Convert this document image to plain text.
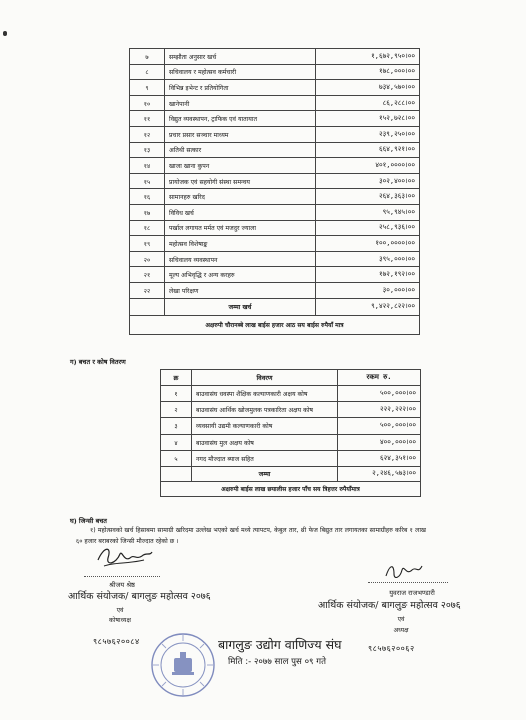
७	सम्झौता अनुसार खर्च	१,६७२,९५०।००
८	सचिवालय र महोत्सव कर्मचारी	१७८,०००।००
९	विभिन्न इभेन्ट र प्रतियोगिता	७३४,५७०।००
१०	खानेपानी	८६,२८८।००
११	विद्युत व्यवस्थापन, ट्राफिक एवं यातायात	१५२,७२८।००
१२	प्रचार प्रसार सञ्चार माध्यम	२३९,२५०।००
१३	अतिथी सत्कार	६६४,९२१।००
१४	खाजा खाना कुपन	४०१,००००।००
१५	प्रायोजक एवं सहयोगी संस्था समन्वय	३०२,४००।००
१६	सामानहरु खरिद	२६४,३६३।००
१७	विविध खर्च	९५,९४५।००
१८	पर्खाल लगायत मर्मत एवं मजदुर ज्याला	२५८,९३६।००
१९	महोत्सव विशेषाङ्क	१००,००००।००
२०	सचिवालय व्यवस्थापन	३९५,०००।००
२१	मूल्य अभिवृद्धि र अन्य करहरु	१७२,१९२।००
२२	लेखा परिक्षण	३०,०००।००
	जम्मा खर्च	९,४२२,८२२।००
अक्षरुपी चौरानब्बे लाख बाईस हजार आठ सय बाईस रुपैयाँ मात्र		
ग) बचत र कोष वितरण
क्र	विवरण	रकम रु.
१	बाउवासंघ धवस्पा शैक्षिक कल्याणकारी अक्षय कोष	५००,०००।००
२	बाउवासंघ आर्थिक खोजमुलक पत्रकारिता अक्षय कोष	२२२,२२२।००
३	व्यवसायी उद्यमी कल्याणकारी कोष	५००,०००।००
४	बाउवासंघ मुल अक्षय कोष	४००,०००।००
५	नगद मौज्दात ब्याज सहित	६२४,३५१।००
	जम्मा	२,२४६,५७३।००
अक्षरुपी बाईस लाख छयालीस हजार पाँच सय त्रिहत्तर रुपैयाँमात्र		
घ) जिन्सी बचत
१) महोत्सवको खर्च हिसाबमा सामाग्री खरिदमा उल्लेख भएको खर्च मध्ये त्यापटप, केबुल तार, थ्री फेज बिद्युत तार लगायतका सामाग्रीहरु करिब १ लाख ६० हजार बराबरको जिन्सी मौज्दात रहेको छ ।
श्रीजय श्रेष्ठ
आर्थिक संयोजक/ बागलुङ महोत्सव २०७६
एवं
कोषाध्यक्ष
९८५७६२००८४
युवराज राजभण्डारी
आर्थिक संयोजक/ बागलुङ महोत्सव २०७६
एवं
अध्यक्ष
९८५७६२००६२
बागलुङ उद्योग वाणिज्य संघ
मिति :- २०७७ साल पुस ०९ गते
